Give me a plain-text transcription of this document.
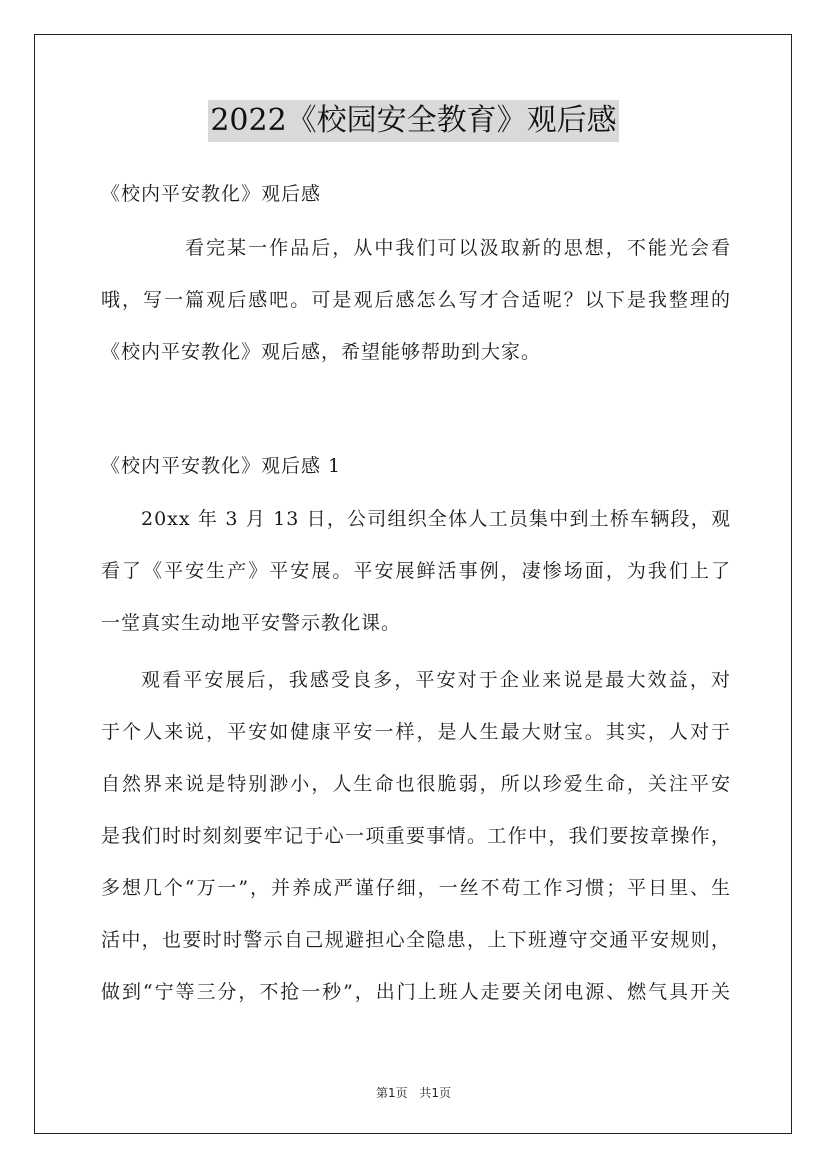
2022《校园安全教育》观后感
《校内平安教化》观后感
看完某一作品后，从中我们可以汲取新的思想，不能光会看
哦，写一篇观后感吧。可是观后感怎么写才合适呢？以下是我整理的
《校内平安教化》观后感，希望能够帮助到大家。
《校内平安教化》观后感 1
20xx 年 3 月 13 日，公司组织全体人工员集中到土桥车辆段，观
看了《平安生产》平安展。平安展鲜活事例，凄惨场面，为我们上了
一堂真实生动地平安警示教化课。
观看平安展后，我感受良多，平安对于企业来说是最大效益，对
于个人来说，平安如健康平安一样，是人生最大财宝。其实，人对于
自然界来说是特别渺小，人生命也很脆弱，所以珍爱生命，关注平安
是我们时时刻刻要牢记于心一项重要事情。工作中，我们要按章操作，
多想几个“万一”，并养成严谨仔细，一丝不苟工作习惯；平日里、生
活中，也要时时警示自己规避担心全隐患，上下班遵守交通平安规则，
做到“宁等三分，不抢一秒”，出门上班人走要关闭电源、燃气具开关
第1页 共1页
